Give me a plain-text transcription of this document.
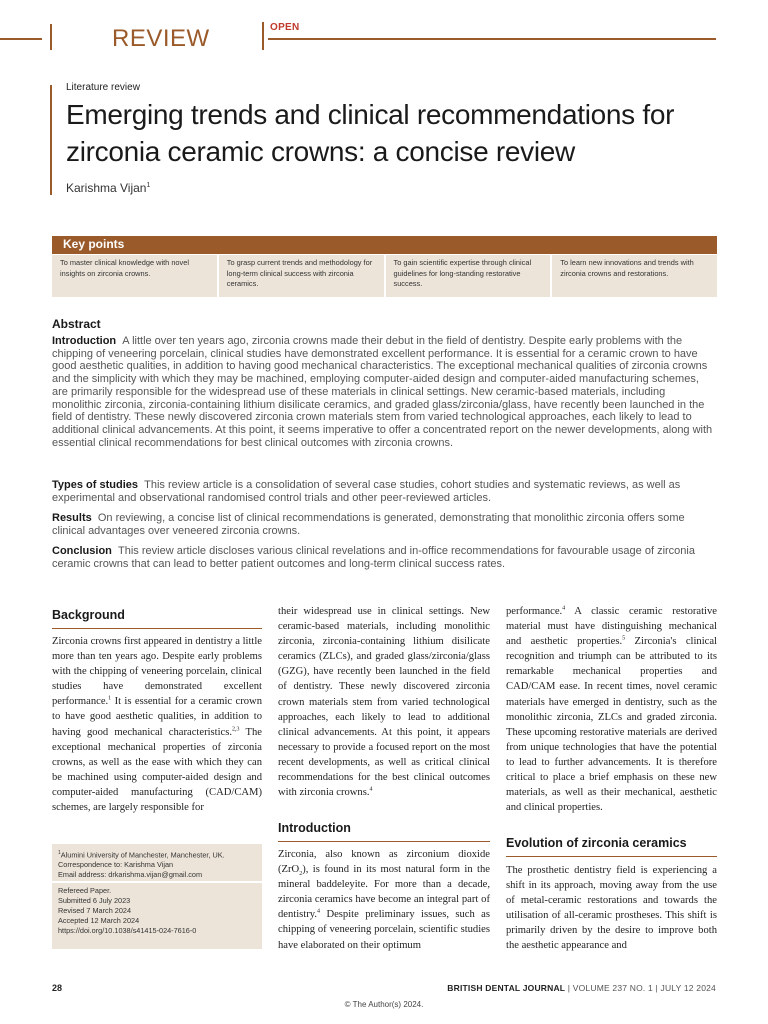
REVIEW	OPEN
Literature review
Emerging trends and clinical recommendations for zirconia ceramic crowns: a concise review
Karishma Vijan$^1$
Key points
To master clinical knowledge with novel insights on zirconia crowns.
To grasp current trends and methodology for long-term clinical success with zirconia ceramics.
To gain scientific expertise through clinical guidelines for long-standing restorative success.
To learn new innovations and trends with zirconia crowns and restorations.
Abstract

Introduction A little over ten years ago, zirconia crowns made their debut in the field of dentistry. Despite early problems with the chipping of veneering porcelain, clinical studies have demonstrated excellent performance. It is essential for a ceramic crown to have good aesthetic qualities, in addition to having good mechanical characteristics. The exceptional mechanical qualities of zirconia crowns and the simplicity with which they may be machined, employing computer-aided design and computer-aided manufacturing schemes, are primarily responsible for the widespread use of these materials in clinical settings. New ceramic-based materials, including monolithic zirconia, zirconia-containing lithium disilicate ceramics, and graded glass/zirconia/glass, have recently been launched in the field of dentistry. These newly discovered zirconia crown materials stem from varied technological approaches, each likely to lead to additional clinical advancements. At this point, it seems imperative to offer a concentrated report on the newer developments, along with essential clinical recommendations for best clinical outcomes with zirconia crowns.

Types of studies This review article is a consolidation of several case studies, cohort studies and systematic reviews, as well as experimental and observational randomised control trials and other peer-reviewed articles.

Results On reviewing, a concise list of clinical recommendations is generated, demonstrating that monolithic zirconia offers some clinical advantages over veneered zirconia crowns.

Conclusion This review article discloses various clinical revelations and in-office recommendations for favourable usage of zirconia ceramic crowns that can lead to better patient outcomes and long-term clinical success rates.

Background

Zirconia crowns first appeared in dentistry a little more than ten years ago. Despite early problems with the chipping of veneering porcelain, clinical studies have demonstrated excellent performance.$^1$ It is essential for a ceramic crown to have good aesthetic qualities, in addition to having good mechanical characteristics.$^{2,3}$ The exceptional mechanical properties of zirconia crowns, as well as the ease with which they can be machined using computer-aided design and computer-aided manufacturing (CAD/CAM) schemes, are largely responsible for

$^1$Alumini University of Manchester, Manchester, UK.
Correspondence to: Karishma Vijan
Email address: drkarishma.vijan@gmail.com
Refereed Paper.
Submitted 6 July 2023
Revised 7 March 2024
Accepted 12 March 2024
https://doi.org/10.1038/s41415-024-7616-0

their widespread use in clinical settings. New ceramic-based materials, including monolithic zirconia, zirconia-containing lithium disilicate ceramics (ZLCs), and graded glass/zirconia/glass (GZG), have recently been launched in the field of dentistry. These newly discovered zirconia crown materials stem from varied technological approaches, each likely to lead to additional clinical advancements. At this point, it appears necessary to provide a focused report on the most recent developments, as well as critical clinical recommendations for the best clinical outcomes with zirconia crowns.$^4$

Introduction

Zirconia, also known as zirconium dioxide (ZrO$_2$), is found in its most natural form in the mineral baddeleyite. For more than a decade, zirconia ceramics have become an integral part of dentistry.$^4$ Despite preliminary issues, such as chipping of veneering porcelain, scientific studies have elaborated on their optimum

performance.$^4$ A classic ceramic restorative material must have distinguishing mechanical and aesthetic properties.$^5$ Zirconia's clinical recognition and triumph can be attributed to its remarkable mechanical properties and CAD/CAM ease. In recent times, novel ceramic materials have emerged in dentistry, such as the monolithic zirconia, ZLCs and graded zirconia. These upcoming restorative materials are derived from unique technologies that have the potential to lead to further advancements. It is therefore critical to place a brief emphasis on these new materials, as well as their mechanical, aesthetic and clinical properties.

Evolution of zirconia ceramics

The prosthetic dentistry field is experiencing a shift in its approach, moving away from the use of metal-ceramic restorations and towards the utilisation of all-ceramic prostheses. This shift is primarily driven by the desire to improve both the aesthetic appearance and

28	BRITISH DENTAL JOURNAL | VOLUME 237 NO. 1 | JULY 12 2024
© The Author(s) 2024.
